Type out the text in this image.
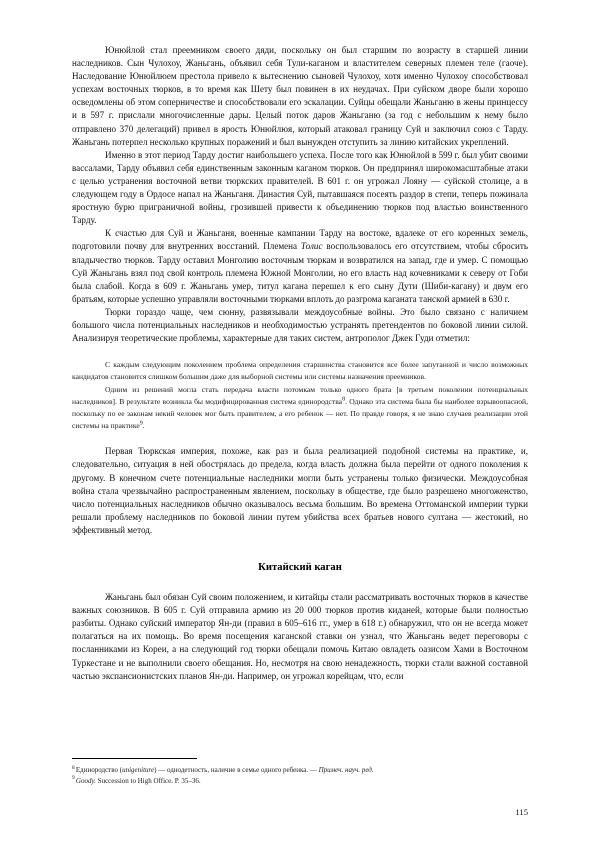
Юнюйлой стал преемником своего дяди, поскольку он был старшим по возрасту в старшей линии наследников. Сын Чулохоу, Жаньгань, объявил себя Тули-каганом и властителем северных племен теле (гаоче). Наследование Юнюйлюем престола привело к вытеснению сыновей Чулохоу, хотя именно Чулохоу способствовал успехам восточных тюрков, в то время как Шету был повинен в их неудачах. При суйском дворе были хорошо осведомлены об этом соперничестве и способствовали его эскалации. Суйцы обещали Жаньганю в жены принцессу и в 597 г. прислали многочисленные дары. Целый поток даров Жаньганю (за год с небольшим к нему было отправлено 370 делегаций) привел в ярость Юнюйлюя, который атаковал границу Суй и заключил союз с Тарду. Жаньгань потерпел несколько крупных поражений и был вынужден отступить за линию китайских укреплений.

Именно в этот период Тарду достиг наибольшего успеха. После того как Юнюйлой в 599 г. был убит своими вассалами, Тарду объявил себя единственным законным каганом тюрков. Он предпринял широкомасштабные атаки с целью устранения восточной ветви тюркских правителей. В 601 г. он угрожал Лояну — суйской столице, а в следующем году в Ордосе напал на Жаньганя. Династия Суй, пытавшаяся посеять раздор в степи, теперь пожинала яростную бурю приграничной войны, грозившей привести к объединению тюрков под властью воинственного Тарду.

К счастью для Суй и Жаньганя, военные кампании Тарду на востоке, вдалеке от его коренных земель, подготовили почву для внутренних восстаний. Племена Толис воспользовалось его отсутствием, чтобы сбросить владычество тюрков. Тарду оставил Монголию восточным тюркам и возвратился на запад, где и умер. С помощью Суй Жаньгань взял под свой контроль племена Южной Монголии, но его власть над кочевниками к северу от Гоби была слабой. Когда в 609 г. Жаньгань умер, титул кагана перешел к его сыну Дути (Шиби-кагану) и двум его братьям, которые успешно управляли восточными тюрками вплоть до разгрома каганата танской армией в 630 г.

Тюрки гораздо чаще, чем сюнну, развязывали междоусобные войны. Это было связано с наличием большого числа потенциальных наследников и необходимостью устранять претендентов по боковой линии силой. Анализируя теоретические проблемы, характерные для таких систем, антрополог Джек Гуди отметил:

С каждым следующим поколением проблема определения старшинства становится все более запутанной и число возможных кандидатов становится слишком большим даже для выборной системы или системы назначения преемников.

Одним из решений могла стать передача власти потомкам только одного брата [в третьем поколении потенциальных наследников]. В результате возникла бы модифицированная система единородства$^8$. Однако эта система была бы наиболее взрывоопасной, поскольку по ее законам некий человек мог быть правителем, а его ребенок — нет. По правде говоря, я не знаю случаев реализации этой системы на практике$^9$.

Первая Тюркская империя, похоже, как раз и была реализацией подобной системы на практике, и, следовательно, ситуация в ней обострялась до предела, когда власть должна была перейти от одного поколения к другому. В конечном счете потенциальные наследники могли быть устранены только физически. Междоусобная война стала чрезвычайно распространенным явлением, поскольку в обществе, где было разрешено многоженство, число потенциальных наследников обычно оказывалось весьма большим. Во времена Оттоманской империи турки решали проблему наследников по боковой линии путем убийства всех братьев нового султана — жестокий, но эффективный метод.

Китайский каган

Жаньгань был обязан Суй своим положением, и китайцы стали рассматривать восточных тюрков в качестве важных союзников. В 605 г. Суй отправила армию из 20 000 тюрков против киданей, которые были полностью разбиты. Однако суйский император Ян-ди (правил в 605–616 гг., умер в 618 г.) обнаружил, что он не всегда может полагаться на их помощь. Во время посещения каганской ставки он узнал, что Жаньгань ведет переговоры с посланниками из Кореи, а на следующий год тюрки обещали помочь Китаю овладеть оазисом Хами в Восточном Туркестане и не выполнили своего обещания. Но, несмотря на свою ненадежность, тюрки стали важной составной частью экспансионистских планов Ян-ди. Например, он угрожал корейцам, что, если

$^8$Единородство (unigeniture) — однодетность, наличие в семье одного ребенка. — Примеч. науч. ред.

$^9$Goody. Succession to High Office. P. 35–36.

115
